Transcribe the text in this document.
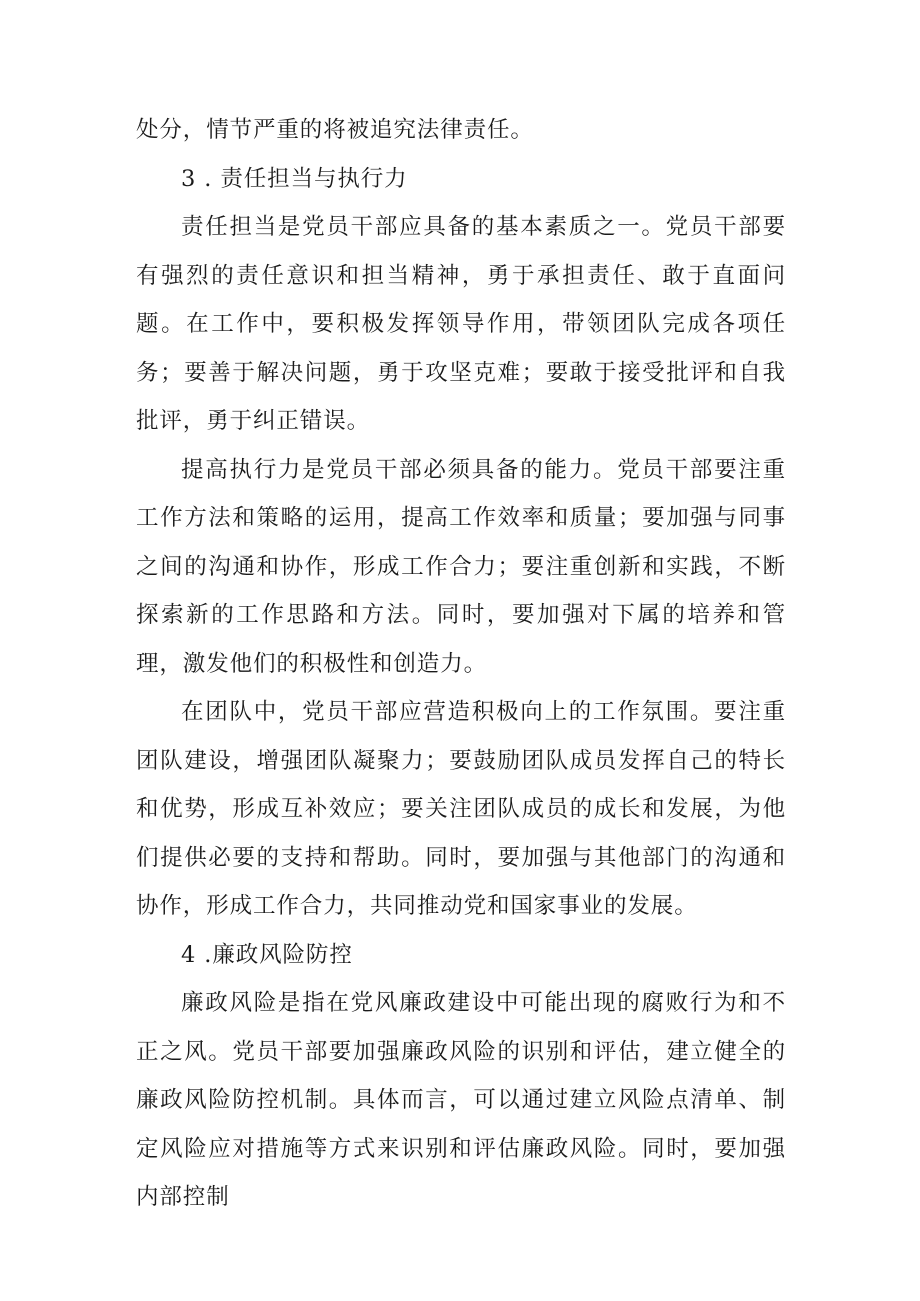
处分，情节严重的将被追究法律责任。

3 . 责任担当与执行力

责任担当是党员干部应具备的基本素质之一。党员干部要有强烈的责任意识和担当精神，勇于承担责任、敢于直面问题。在工作中，要积极发挥领导作用，带领团队完成各项任务；要善于解决问题，勇于攻坚克难；要敢于接受批评和自我批评，勇于纠正错误。

提高执行力是党员干部必须具备的能力。党员干部要注重工作方法和策略的运用，提高工作效率和质量；要加强与同事之间的沟通和协作，形成工作合力；要注重创新和实践，不断探索新的工作思路和方法。同时，要加强对下属的培养和管理，激发他们的积极性和创造力。

在团队中，党员干部应营造积极向上的工作氛围。要注重团队建设，增强团队凝聚力；要鼓励团队成员发挥自己的特长和优势，形成互补效应；要关注团队成员的成长和发展，为他们提供必要的支持和帮助。同时，要加强与其他部门的沟通和协作，形成工作合力，共同推动党和国家事业的发展。

4 .廉政风险防控

廉政风险是指在党风廉政建设中可能出现的腐败行为和不正之风。党员干部要加强廉政风险的识别和评估，建立健全的廉政风险防控机制。具体而言，可以通过建立风险点清单、制定风险应对措施等方式来识别和评估廉政风险。同时，要加强内部控制
